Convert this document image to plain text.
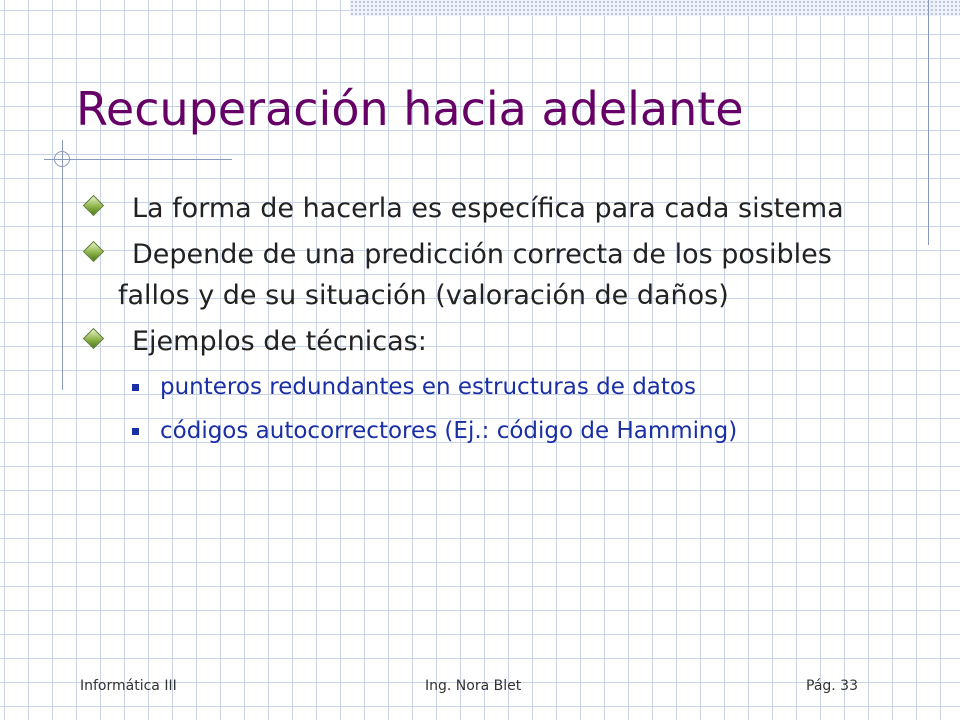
Recuperación hacia adelante
La forma de hacerla es específica para cada sistema
Depende de una predicción correcta de los posibles fallos y de su situación (valoración de daños)
Ejemplos de técnicas:
punteros redundantes en estructuras de datos
códigos autocorrectores (Ej.: código de Hamming)
Informática III	Ing. Nora Blet	Pág. 33
